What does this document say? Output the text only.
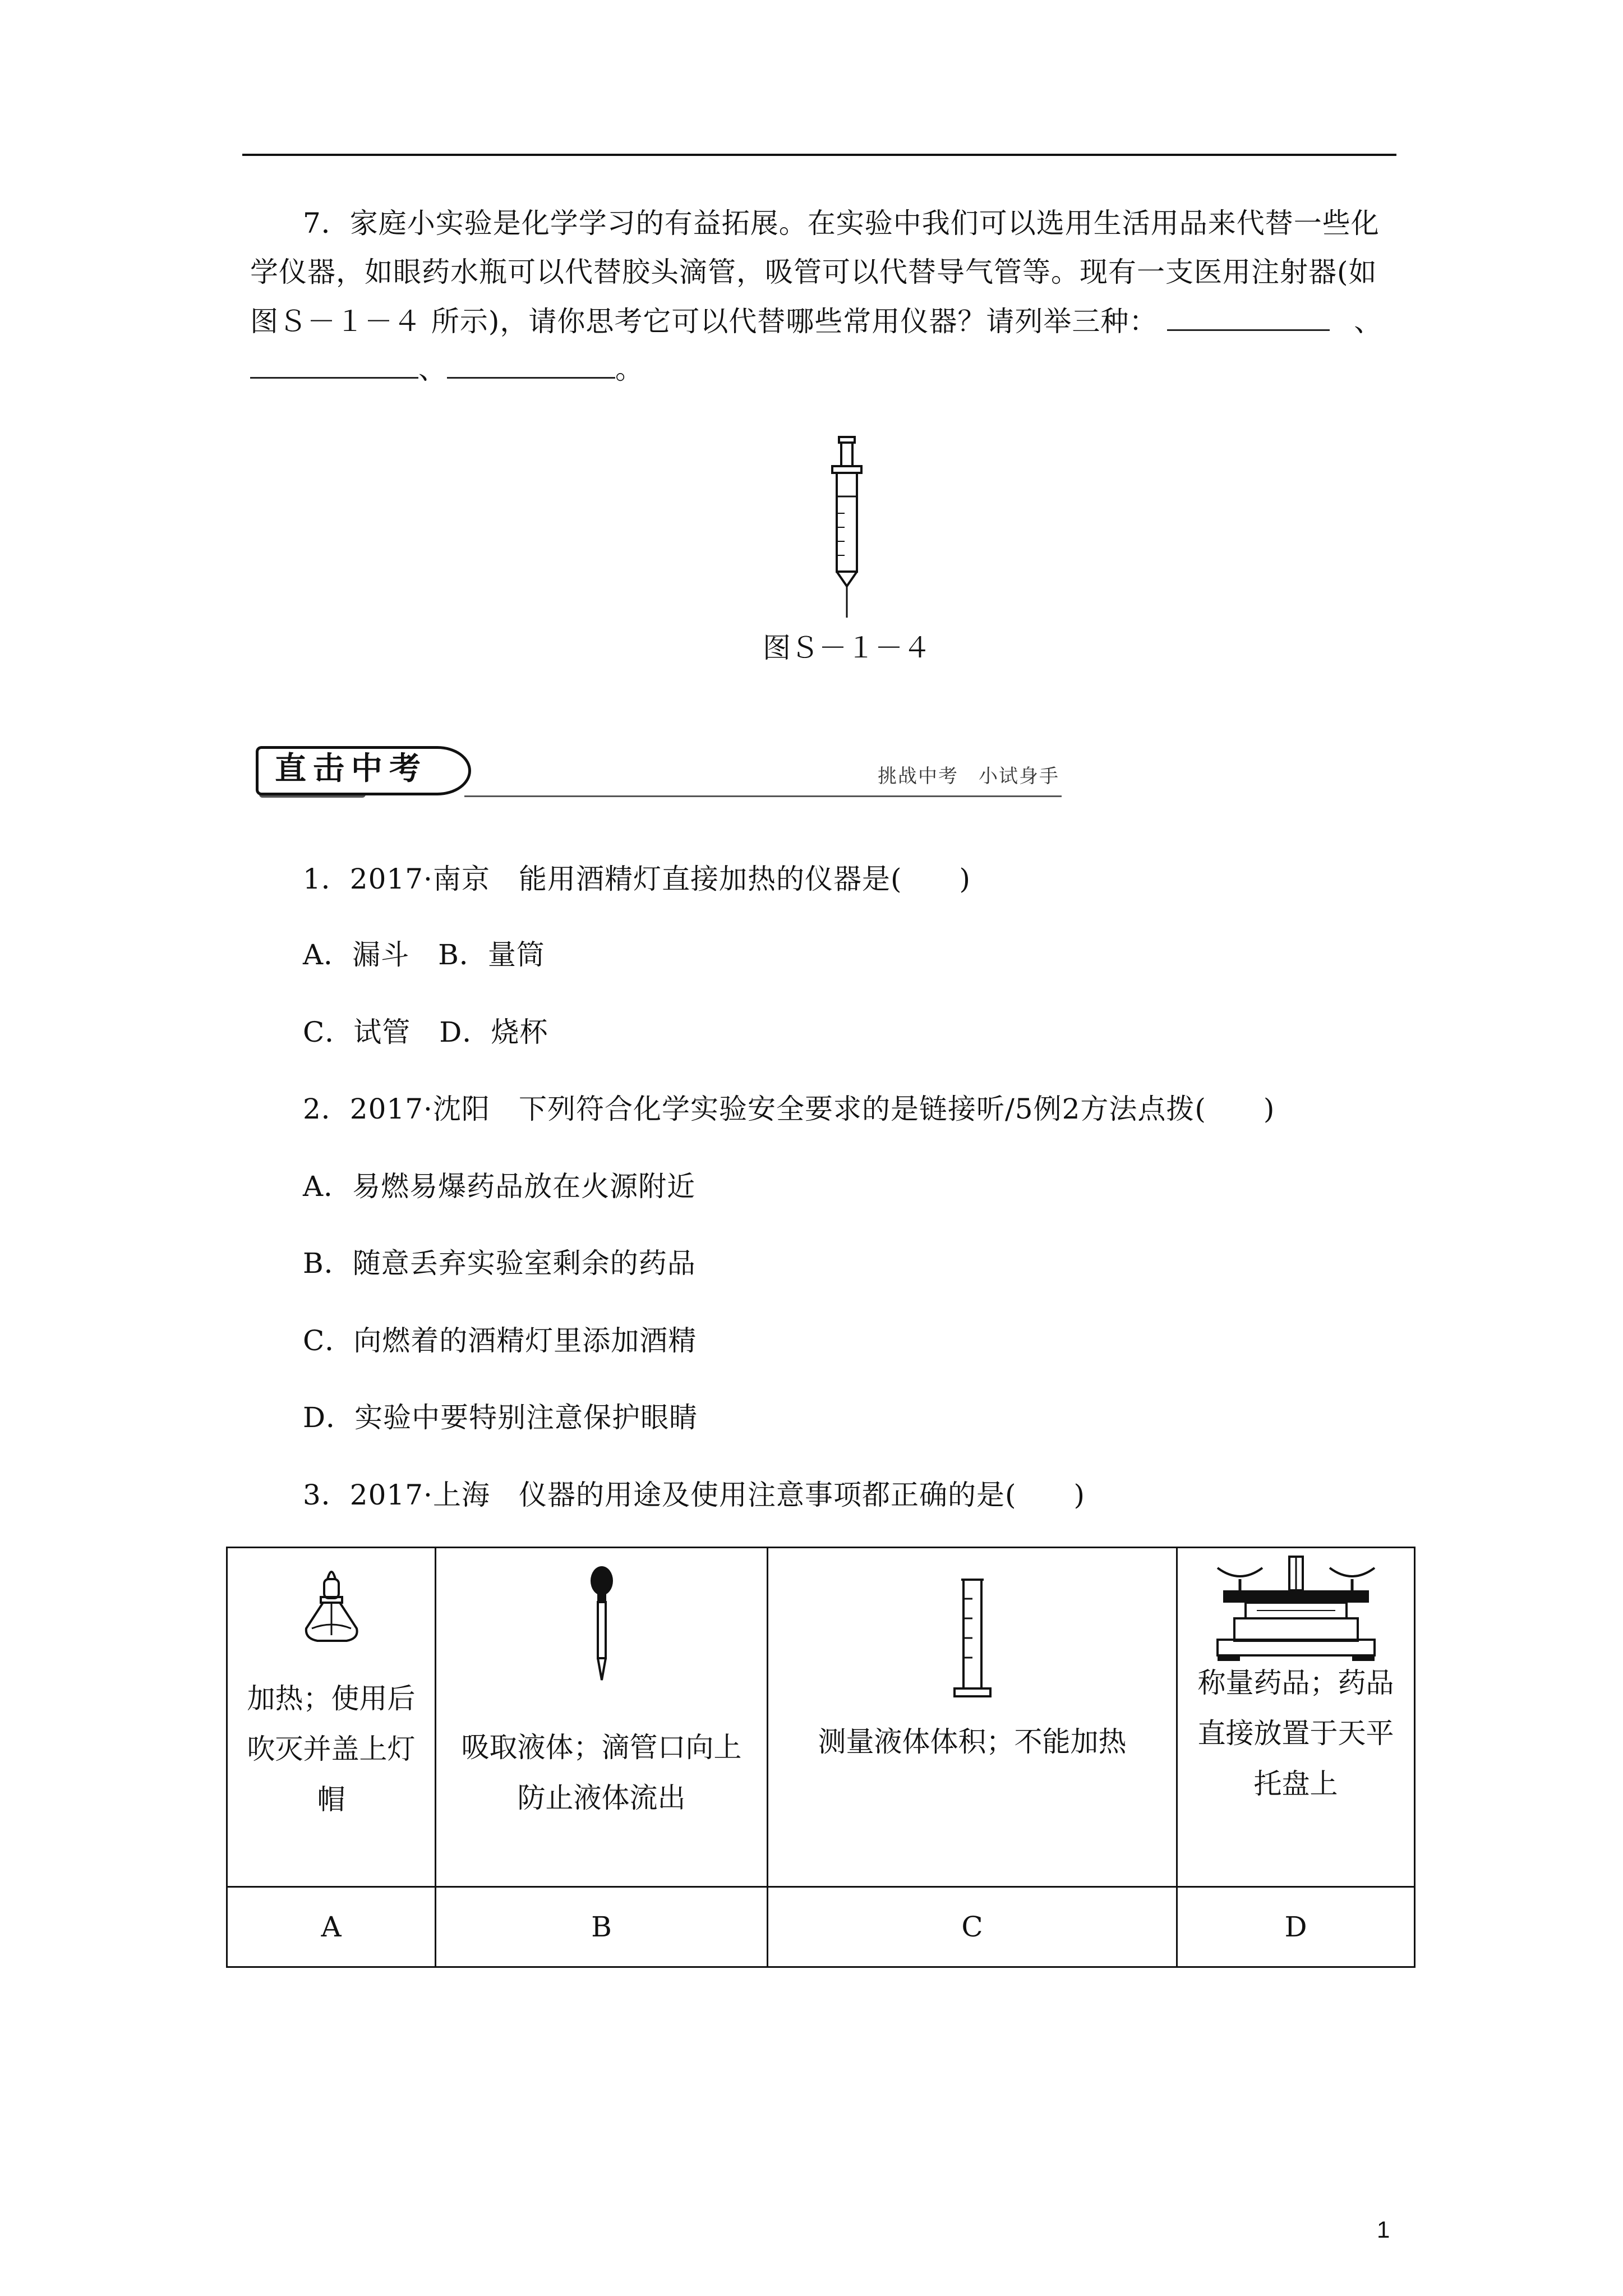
7．家庭小实验是化学学习的有益拓展。在实验中我们可以选用生活用品来代替一些化
学仪器，如眼药水瓶可以代替胶头滴管，吸管可以代替导气管等。现有一支医用注射器(如
图Ｓ－１－４ 所示)，请你思考它可以代替哪些常用仪器？请列举三种：	、
、	。
图Ｓ－１－４
直击中考	挑战中考　小试身手
1．2017·南京　能用酒精灯直接加热的仪器是(　　)
A．漏斗　B．量筒
C．试管　D．烧杯
2．2017·沈阳　下列符合化学实验安全要求的是链接听/5例2方法点拨(　　)
A．易燃易爆药品放在火源附近
B．随意丢弃实验室剩余的药品
C．向燃着的酒精灯里添加酒精
D．实验中要特别注意保护眼睛
3．2017·上海　仪器的用途及使用注意事项都正确的是(　　)
加热；使用后
吹灭并盖上灯
帽	吸取液体；滴管口向上
防止液体流出	测量液体体积；不能加热	称量药品；药品
直接放置于天平
托盘上

A	B	C	D
1
